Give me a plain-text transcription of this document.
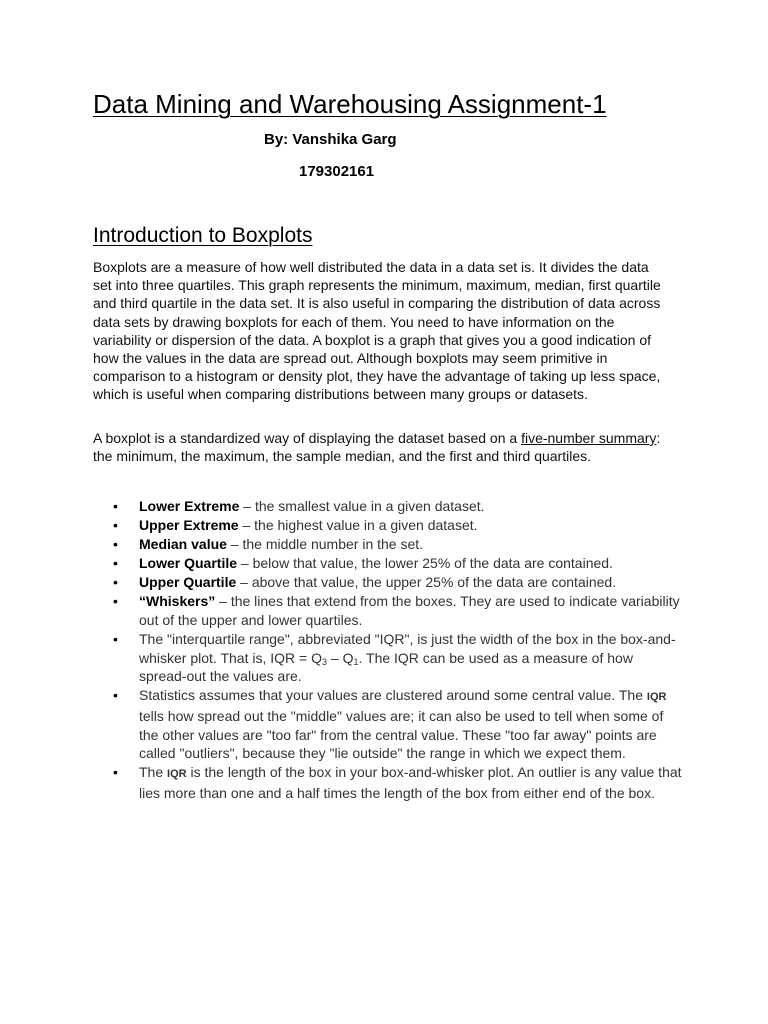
Data Mining and Warehousing Assignment-1

By: Vanshika Garg

179302161

Introduction to Boxplots

Boxplots are a measure of how well distributed the data in a data set is. It divides the data set into three quartiles. This graph represents the minimum, maximum, median, first quartile and third quartile in the data set. It is also useful in comparing the distribution of data across data sets by drawing boxplots for each of them. You need to have information on the variability or dispersion of the data. A boxplot is a graph that gives you a good indication of how the values in the data are spread out. Although boxplots may seem primitive in comparison to a histogram or density plot, they have the advantage of taking up less space, which is useful when comparing distributions between many groups or datasets.

A boxplot is a standardized way of displaying the dataset based on a five-number summary: the minimum, the maximum, the sample median, and the first and third quartiles.

• Lower Extreme – the smallest value in a given dataset.
• Upper Extreme – the highest value in a given dataset.
• Median value – the middle number in the set.
• Lower Quartile – below that value, the lower 25% of the data are contained.
• Upper Quartile – above that value, the upper 25% of the data are contained.
• “Whiskers” – the lines that extend from the boxes. They are used to indicate variability out of the upper and lower quartiles.
• The "interquartile range", abbreviated "IQR", is just the width of the box in the box-and-whisker plot. That is, IQR = $Q_3 - Q_1$. The IQR can be used as a measure of how spread-out the values are.
• Statistics assumes that your values are clustered around some central value. The IQR tells how spread out the "middle" values are; it can also be used to tell when some of the other values are "too far" from the central value. These "too far away" points are called "outliers", because they "lie outside" the range in which we expect them.
• The IQR is the length of the box in your box-and-whisker plot. An outlier is any value that lies more than one and a half times the length of the box from either end of the box.
